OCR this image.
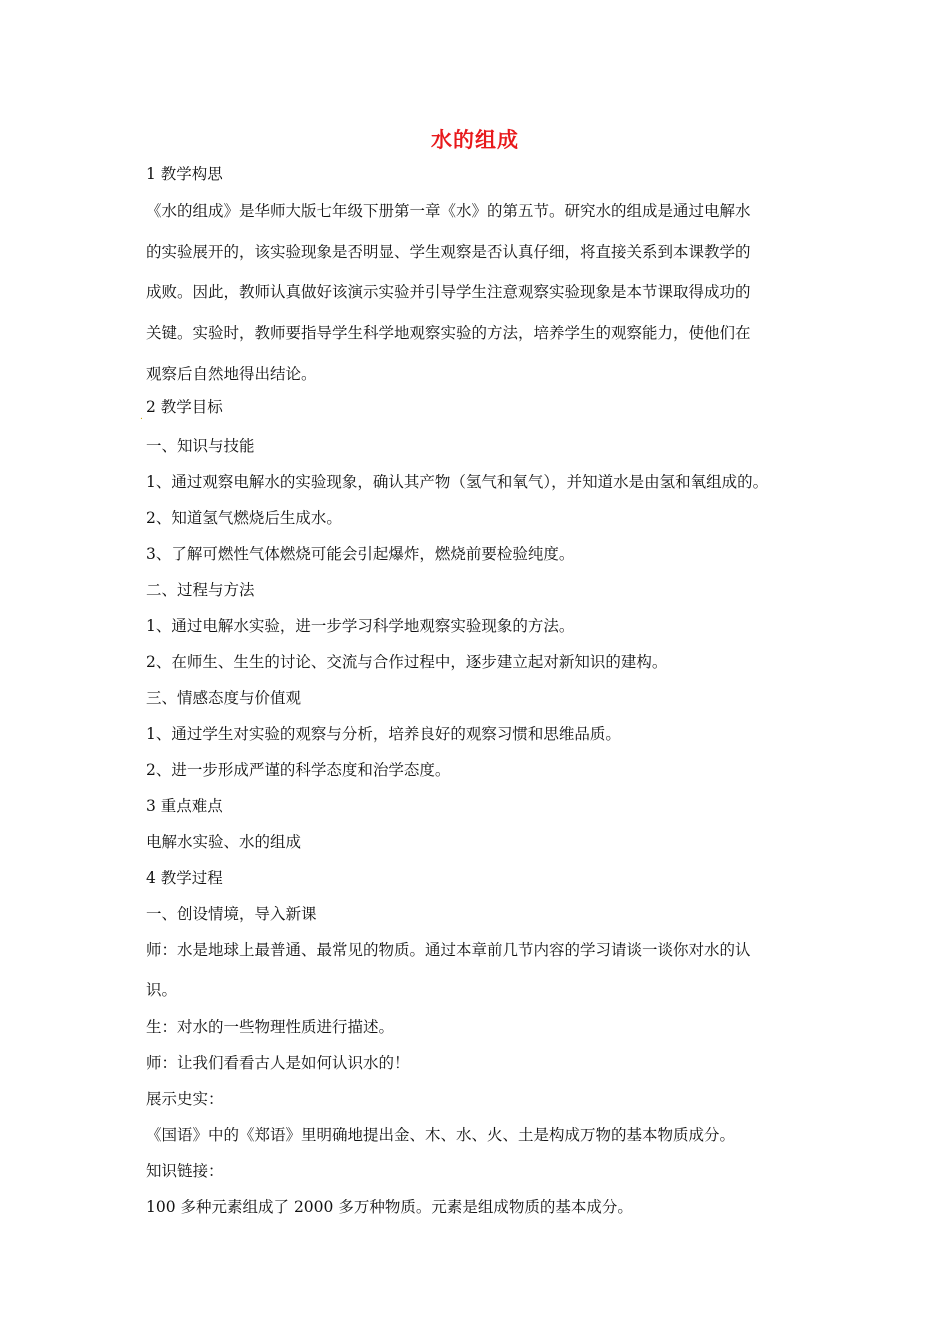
水的组成
.
1 教学构思
《水的组成》是华师大版七年级下册第一章《水》的第五节。研究水的组成是通过电解水
的实验展开的，该实验现象是否明显、学生观察是否认真仔细，将直接关系到本课教学的
成败。因此，教师认真做好该演示实验并引导学生注意观察实验现象是本节课取得成功的
关键。实验时，教师要指导学生科学地观察实验的方法，培养学生的观察能力，使他们在
观察后自然地得出结论。
2 教学目标
一、知识与技能
1、通过观察电解水的实验现象，确认其产物（氢气和氧气），并知道水是由氢和氧组成的。
2、知道氢气燃烧后生成水。
3、了解可燃性气体燃烧可能会引起爆炸，燃烧前要检验纯度。
二、过程与方法
1、通过电解水实验，进一步学习科学地观察实验现象的方法。
2、在师生、生生的讨论、交流与合作过程中，逐步建立起对新知识的建构。
三、情感态度与价值观
1、通过学生对实验的观察与分析，培养良好的观察习惯和思维品质。
2、进一步形成严谨的科学态度和治学态度。
3 重点难点
电解水实验、水的组成
4 教学过程
一、创设情境，导入新课
师：水是地球上最普通、最常见的物质。通过本章前几节内容的学习请谈一谈你对水的认
识。
生：对水的一些物理性质进行描述。
师：让我们看看古人是如何认识水的！
展示史实：
《国语》中的《郑语》里明确地提出金、木、水、火、土是构成万物的基本物质成分。
知识链接：
100 多种元素组成了 2000 多万种物质。元素是组成物质的基本成分。
